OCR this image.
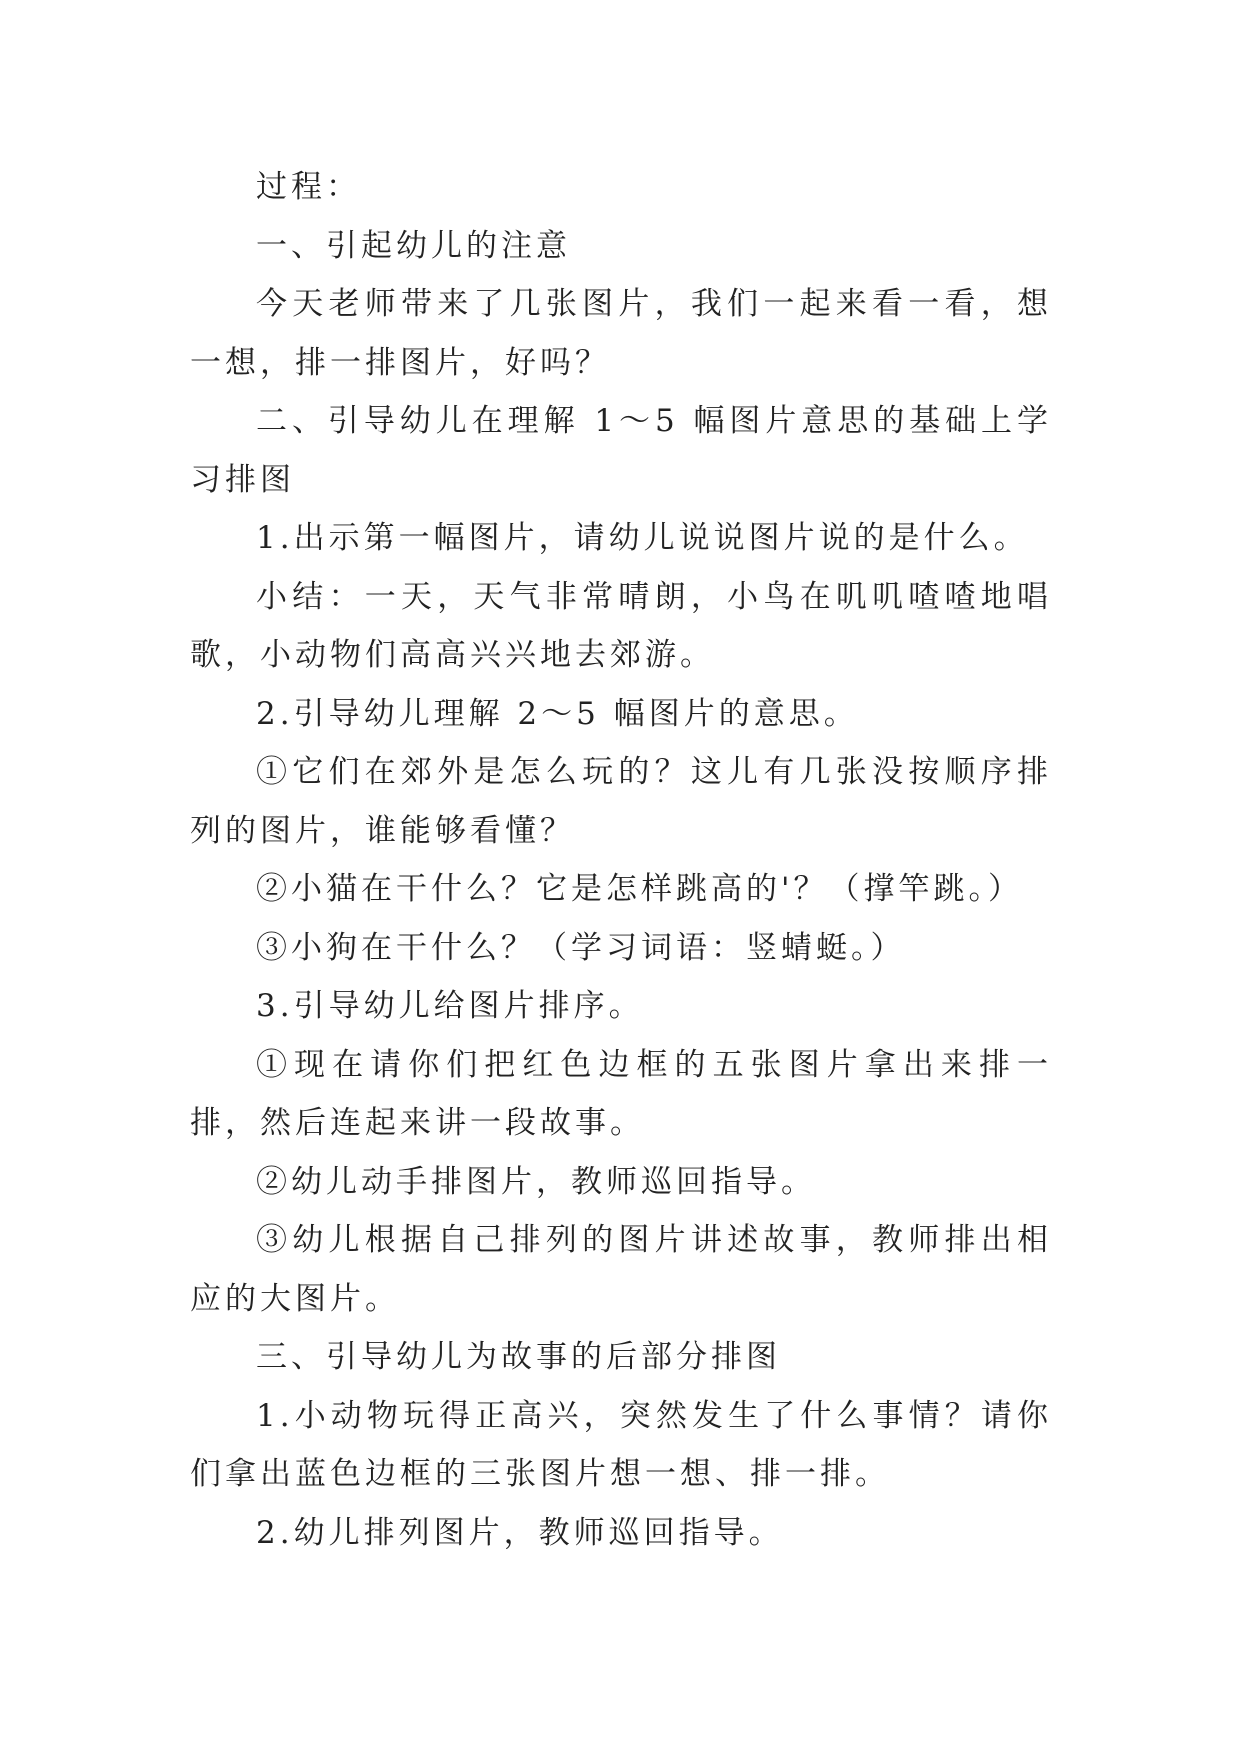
过程：

一、引起幼儿的注意

今天老师带来了几张图片，我们一起来看一看，想一想，排一排图片，好吗？

二、引导幼儿在理解 1～5 幅图片意思的基础上学习排图

1.出示第一幅图片，请幼儿说说图片说的是什么。

小结：一天，天气非常晴朗，小鸟在叽叽喳喳地唱歌，小动物们高高兴兴地去郊游。

2.引导幼儿理解 2～5 幅图片的意思。

①它们在郊外是怎么玩的？这儿有几张没按顺序排列的图片，谁能够看懂？

②小猫在干什么？它是怎样跳高的'？（撑竿跳。）

③小狗在干什么？（学习词语：竖蜻蜓。）

3.引导幼儿给图片排序。

①现在请你们把红色边框的五张图片拿出来排一排，然后连起来讲一段故事。

②幼儿动手排图片，教师巡回指导。

③幼儿根据自己排列的图片讲述故事，教师排出相应的大图片。

三、引导幼儿为故事的后部分排图

1.小动物玩得正高兴，突然发生了什么事情？请你们拿出蓝色边框的三张图片想一想、排一排。

2.幼儿排列图片，教师巡回指导。
